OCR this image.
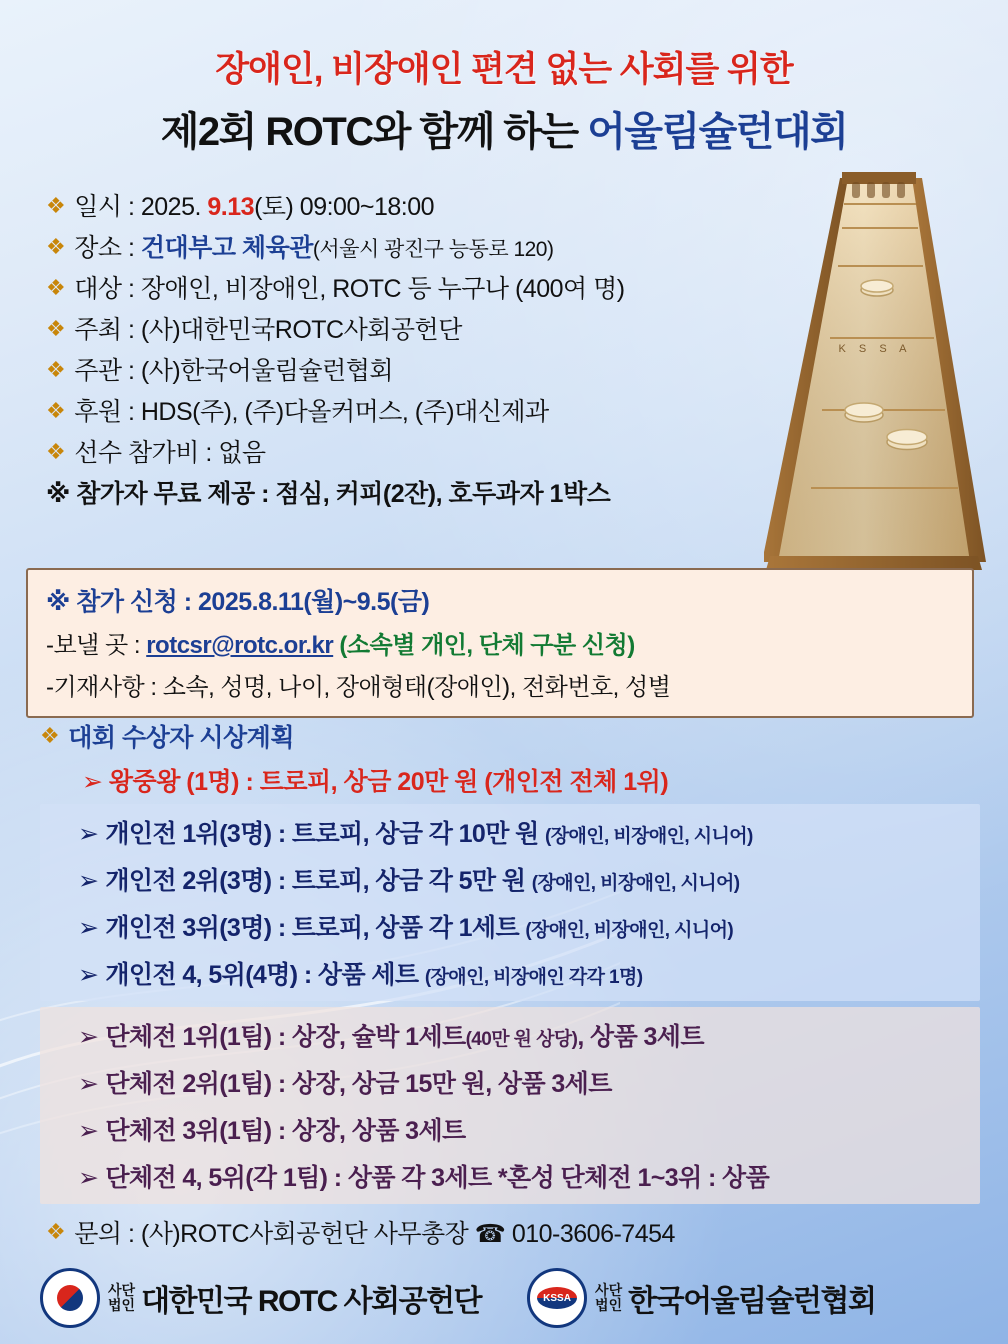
장애인, 비장애인 편견 없는 사회를 위한
제2회 ROTC와 함께 하는 어울림슐런대회
❖ 일시 : 2025. 9.13(토) 09:00~18:00
❖ 장소 : 건대부고 체육관(서울시 광진구 능동로 120)
❖ 대상 : 장애인, 비장애인, ROTC 등 누구나 (400여 명)
❖ 주최 : (사)대한민국ROTC사회공헌단
❖ 주관 : (사)한국어울림슐런협회
❖ 후원 : HDS(주), (주)다올커머스, (주)대신제과
❖ 선수 참가비 : 없음
※ 참가자 무료 제공 : 점심, 커피(2잔), 호두과자 1박스
K S S A
※ 참가 신청 : 2025.8.11(월)~9.5(금)
-보낼 곳 : rotcsr@rotc.or.kr (소속별 개인, 단체 구분 신청)
-기재사항 : 소속, 성명, 나이, 장애형태(장애인), 전화번호, 성별
❖ 대회 수상자 시상계획
➢ 왕중왕 (1명) : 트로피, 상금 20만 원 (개인전 전체 1위)
➢ 개인전 1위(3명) : 트로피, 상금 각 10만 원 (장애인, 비장애인, 시니어)
➢ 개인전 2위(3명) : 트로피, 상금 각 5만 원 (장애인, 비장애인, 시니어)
➢ 개인전 3위(3명) : 트로피, 상품 각 1세트 (장애인, 비장애인, 시니어)
➢ 개인전 4, 5위(4명) : 상품 세트 (장애인, 비장애인 각각 1명)
➢ 단체전 1위(1팀) : 상장, 슐박 1세트(40만 원 상당), 상품 3세트
➢ 단체전 2위(1팀) : 상장, 상금 15만 원, 상품 3세트
➢ 단체전 3위(1팀) : 상장, 상품 3세트
➢ 단체전 4, 5위(각 1팀) : 상품 각 3세트 *혼성 단체전 1~3위 : 상품
❖ 문의 : (사)ROTC사회공헌단 사무총장 ☎ 010-3606-7454
사단
법인 대한민국 ROTC 사회공헌단	KSSA	사단
법인 한국어울림슐런협회
